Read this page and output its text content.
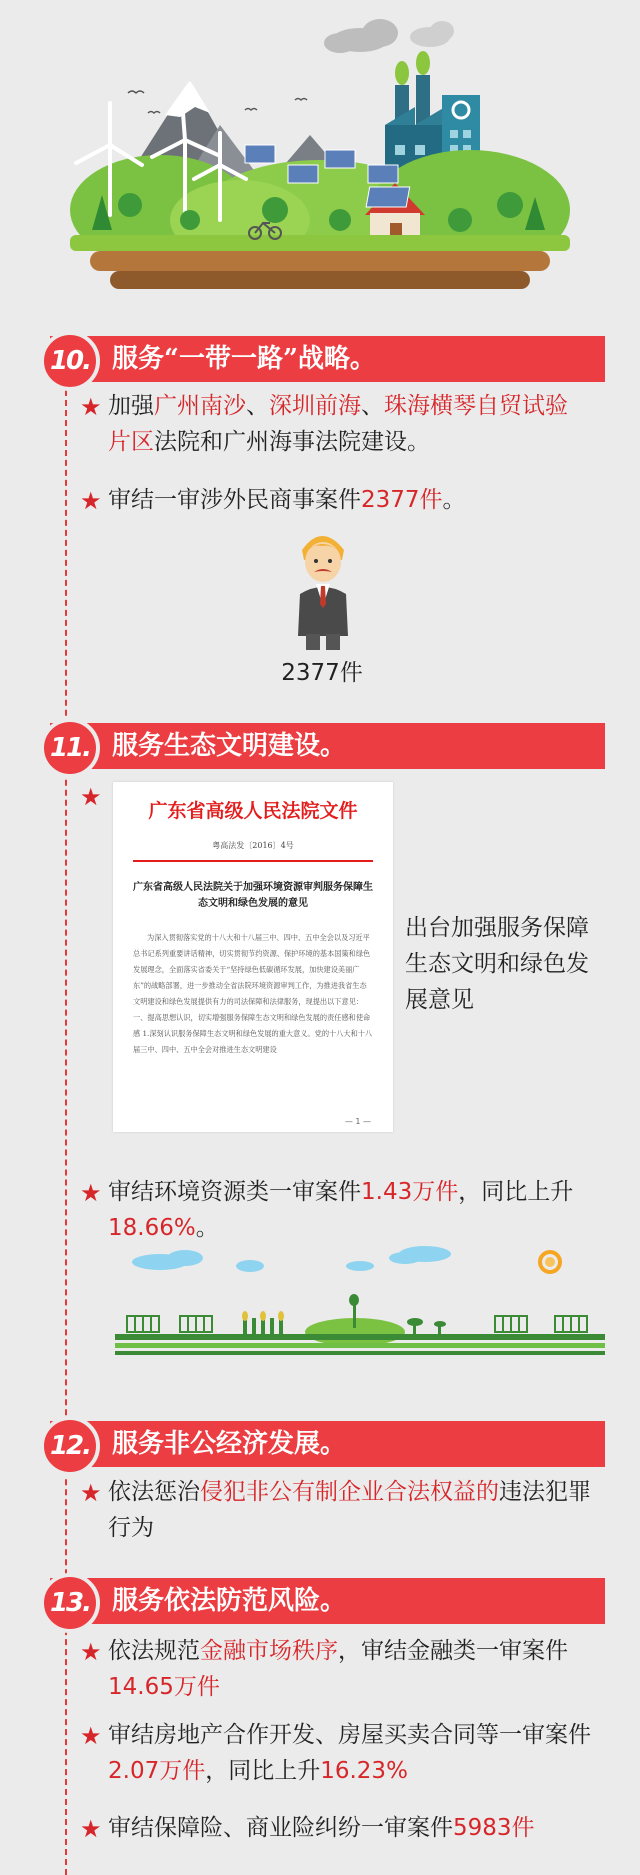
服务“一带一路”战略。
10.
★ 加强广州南沙、深圳前海、珠海横琴自贸试验
片区法院和广州海事法院建设。
★ 审结一审涉外民商事案件2377件。
2377件
服务生态文明建设。
11.
★	广东省高级人民法院文件
粤高法发〔2016〕4号
广东省高级人民法院关于加强环境资源审判服务保障生态文明和绿色发展的意见
为深入贯彻落实党的十八大和十八届三中、四中、五中全会以及习近平总书记系列重要讲话精神，切实贯彻节约资源、保护环境的基本国策和绿色发展理念，全面落实省委关于“坚持绿色低碳循环发展，加快建设美丽广东”的战略部署，进一步推动全省法院环境资源审判工作，为推进我省生态文明建设和绿色发展提供有力的司法保障和法律服务，现提出以下意见：一、提高思想认识，切实增强服务保障生态文明和绿色发展的责任感和使命感 1.深刻认识服务保障生态文明和绿色发展的重大意义。党的十八大和十八届三中、四中、五中全会对推进生态文明建设
— 1 —
出台加强服务保障生态文明和绿色发展意见
★ 审结环境资源类一审案件1.43万件，同比上升
18.66%。
服务非公经济发展。
12.
★ 依法惩治侵犯非公有制企业合法权益的违法犯罪行为
服务依法防范风险。
13.
★ 依法规范金融市场秩序，审结金融类一审案件
14.65万件
★ 审结房地产合作开发、房屋买卖合同等一审案件2.07万件，同比上升16.23%
★ 审结保障险、商业险纠纷一审案件5983件
